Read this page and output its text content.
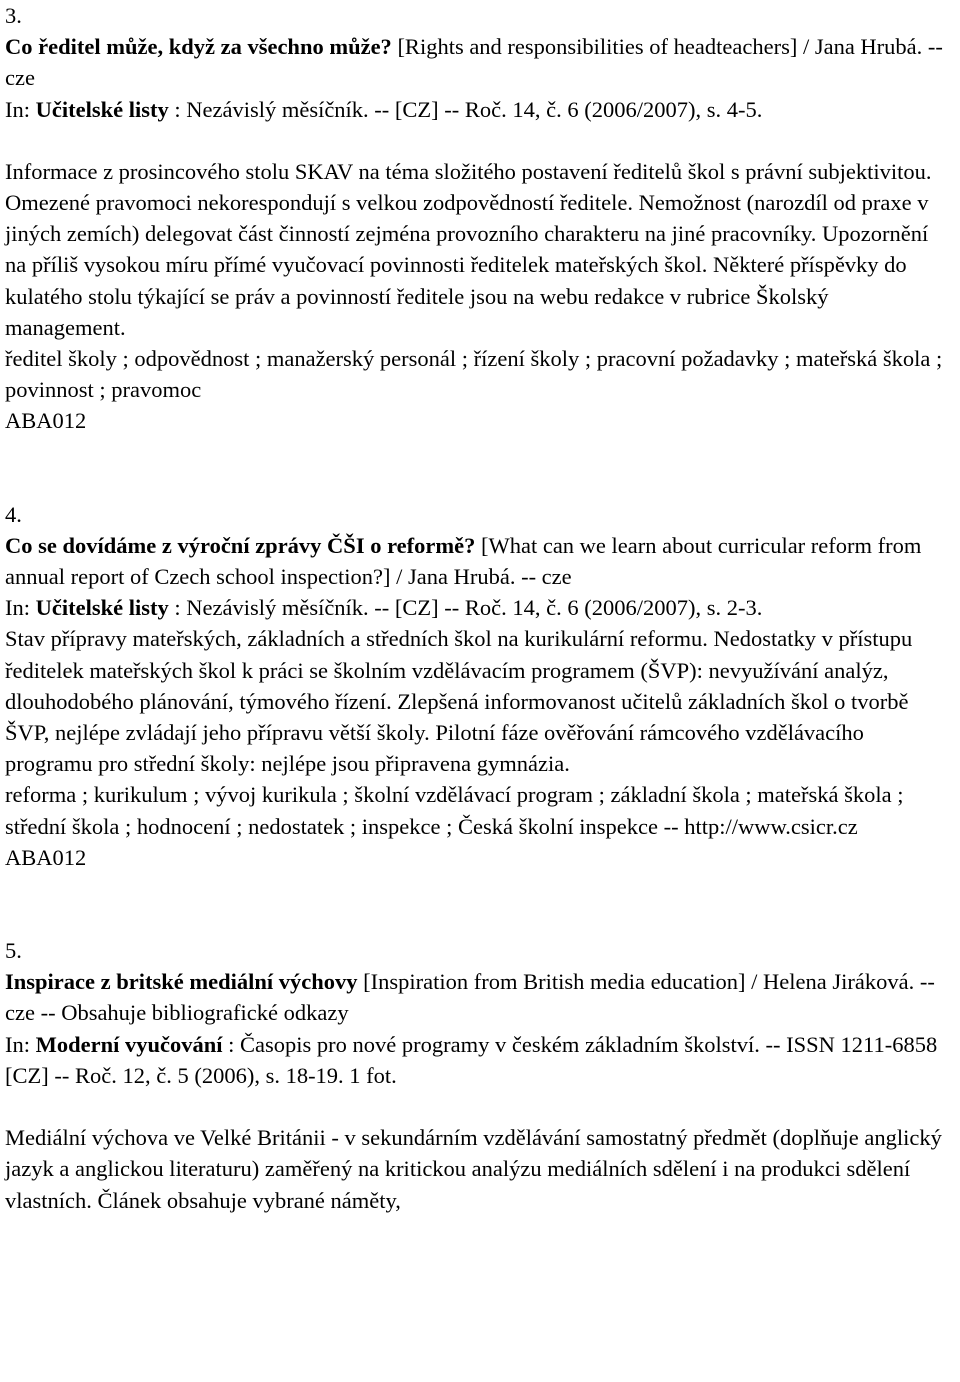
3.

Co ředitel může, když za všechno může? [Rights and responsibilities of headteachers] / Jana Hrubá. -- cze

In: Učitelské listy : Nezávislý měsíčník. -- [CZ] -- Roč. 14, č. 6 (2006/2007), s. 4-5.

Informace z prosincového stolu SKAV na téma složitého postavení ředitelů škol s právní subjektivitou. Omezené pravomoci nekorespondují s velkou zodpovědností ředitele. Nemožnost (narozdíl od praxe v jiných zemích) delegovat část činností zejména provozního charakteru na jiné pracovníky. Upozornění na příliš vysokou míru přímé vyučovací povinnosti ředitelek mateřských škol. Některé příspěvky do kulatého stolu týkající se práv a povinností ředitele jsou na webu redakce v rubrice Školský management.

ředitel školy ; odpovědnost ; manažerský personál ; řízení školy ; pracovní požadavky ; mateřská škola ; povinnost ; pravomoc

ABA012

4.

Co se dovídáme z výroční zprávy ČŠI o reformě? [What can we learn about curricular reform from annual report of Czech school inspection?] / Jana Hrubá. -- cze

In: Učitelské listy : Nezávislý měsíčník. -- [CZ] -- Roč. 14, č. 6 (2006/2007), s. 2-3.

Stav přípravy mateřských, základních a středních škol na kurikulární reformu. Nedostatky v přístupu ředitelek mateřských škol k práci se školním vzdělávacím programem (ŠVP): nevyužívání analýz, dlouhodobého plánování, týmového řízení. Zlepšená informovanost učitelů základních škol o tvorbě ŠVP, nejlépe zvládají jeho přípravu větší školy. Pilotní fáze ověřování rámcového vzdělávacího programu pro střední školy: nejlépe jsou připravena gymnázia.

reforma ; kurikulum ; vývoj kurikula ; školní vzdělávací program ; základní škola ; mateřská škola ; střední škola ; hodnocení ; nedostatek ; inspekce ; Česká školní inspekce -- http://www.csicr.cz

ABA012

5.

Inspirace z britské mediální výchovy [Inspiration from British media education] / Helena Jiráková. -- cze -- Obsahuje bibliografické odkazy

In: Moderní vyučování : Časopis pro nové programy v českém základním školství. -- ISSN 1211-6858 [CZ] -- Roč. 12, č. 5 (2006), s. 18-19. 1 fot.

Mediální výchova ve Velké Británii - v sekundárním vzdělávání samostatný předmět (doplňuje anglický jazyk a anglickou literaturu) zaměřený na kritickou analýzu mediálních sdělení i na produkci sdělení vlastních. Článek obsahuje vybrané náměty,
